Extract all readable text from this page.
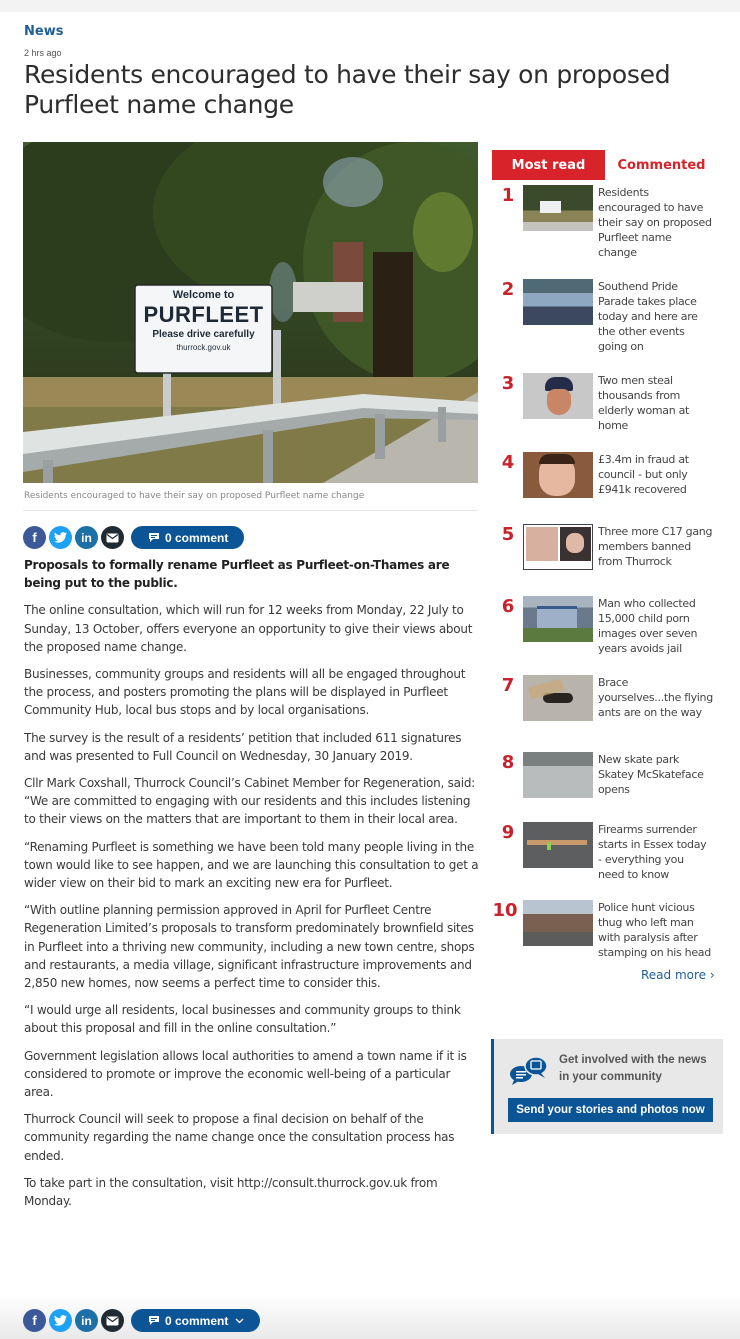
News
2 hrs ago
Residents encouraged to have their say on proposed Purfleet name change
Welcome to
PURFLEET
Please drive carefully
thurrock.gov.uk
Residents encouraged to have their say on proposed Purfleet name change
f	in	0 comment

Proposals to formally rename Purfleet as Purfleet-on-Thames are being put to the public.

The online consultation, which will run for 12 weeks from Monday, 22 July to Sunday, 13 October, offers everyone an opportunity to give their views about the proposed name change.

Businesses, community groups and residents will all be engaged throughout the process, and posters promoting the plans will be displayed in Purfleet Community Hub, local bus stops and by local organisations.

The survey is the result of a residents’ petition that included 611 signatures and was presented to Full Council on Wednesday, 30 January 2019.

Cllr Mark Coxshall, Thurrock Council’s Cabinet Member for Regeneration, said: “We are committed to engaging with our residents and this includes listening to their views on the matters that are important to them in their local area.

“Renaming Purfleet is something we have been told many people living in the town would like to see happen, and we are launching this consultation to get a wider view on their bid to mark an exciting new era for Purfleet.

“With outline planning permission approved in April for Purfleet Centre Regeneration Limited’s proposals to transform predominately brownfield sites in Purfleet into a thriving new community, including a new town centre, shops and restaurants, a media village, significant infrastructure improvements and 2,850 new homes, now seems a perfect time to consider this.

“I would urge all residents, local businesses and community groups to think about this proposal and fill in the online consultation.”

Government legislation allows local authorities to amend a town name if it is considered to promote or improve the economic well-being of a particular area.

Thurrock Council will seek to propose a final decision on behalf of the community regarding the name change once the consultation process has ended.

To take part in the consultation, visit http://consult.thurrock.gov.uk from Monday.

Most read	Commented
1	Residents encouraged to have their say on proposed Purfleet name change
2	Southend Pride Parade takes place today and here are the other events going on
3	Two men steal thousands from elderly woman at home
4	£3.4m in fraud at council - but only £941k recovered
5	Three more C17 gang members banned from Thurrock
6	Man who collected 15,000 child porn images over seven years avoids jail
7	Brace yourselves...the flying ants are on the way
8	New skate park Skatey McSkateface opens
9	Firearms surrender starts in Essex today - everything you need to know
10	Police hunt vicious thug who left man with paralysis after stamping on his head
Read more ›
Get involved with the news in your community
Send your stories and photos now
f	in	0 comment
